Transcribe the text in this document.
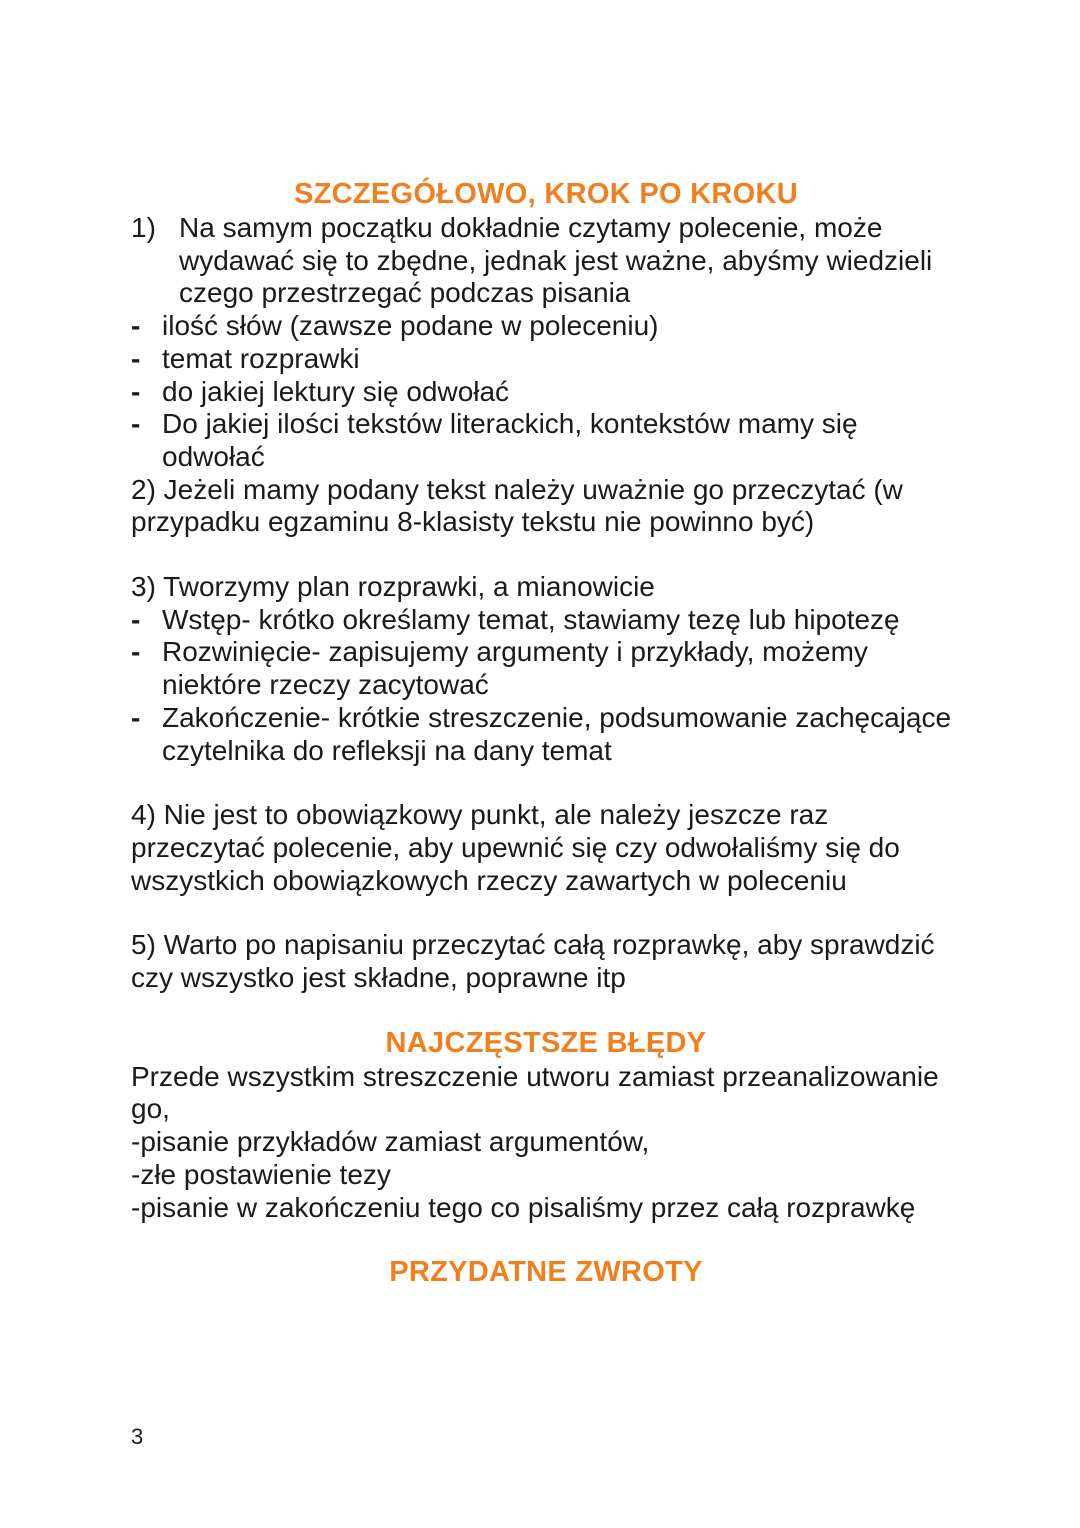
SZCZEGÓŁOWO, KROK PO KROKU
1) Na samym początku dokładnie czytamy polecenie, może wydawać się to zbędne, jednak jest ważne, abyśmy wiedzieli czego przestrzegać podczas pisania
- ilość słów (zawsze podane w poleceniu)
- temat rozprawki
- do jakiej lektury się odwołać
- Do jakiej ilości tekstów literackich, kontekstów mamy się odwołać
2) Jeżeli mamy podany tekst należy uważnie go przeczytać (w przypadku egzaminu 8-klasisty tekstu nie powinno być)
3) Tworzymy plan rozprawki, a mianowicie
- Wstęp- krótko określamy temat, stawiamy tezę lub hipotezę
- Rozwinięcie- zapisujemy argumenty i przykłady, możemy niektóre rzeczy zacytować
- Zakończenie- krótkie streszczenie, podsumowanie zachęcające czytelnika do refleksji na dany temat
4) Nie jest to obowiązkowy punkt, ale należy jeszcze raz przeczytać polecenie, aby upewnić się czy odwołaliśmy się do wszystkich obowiązkowych rzeczy zawartych w poleceniu
5) Warto po napisaniu przeczytać całą rozprawkę, aby sprawdzić czy wszystko jest składne, poprawne itp
NAJCZĘSTSZE BŁĘDY
Przede wszystkim streszczenie utworu zamiast przeanalizowanie go,
-pisanie przykładów zamiast argumentów,
-złe postawienie tezy
-pisanie w zakończeniu tego co pisaliśmy przez całą rozprawkę
PRZYDATNE ZWROTY
3
